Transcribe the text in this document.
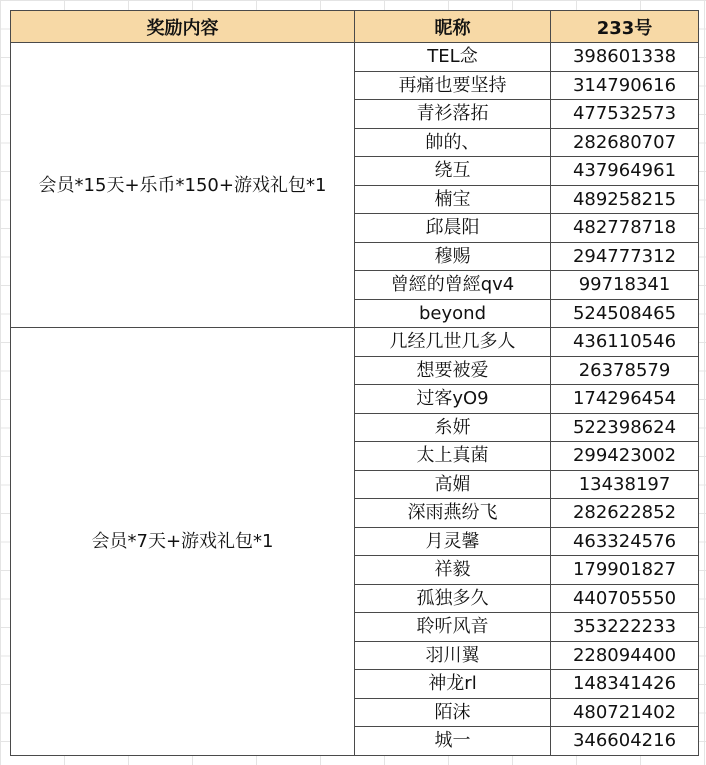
奖励内容	昵称	233号
会员*15天+乐币*150+游戏礼包*1	TEL念	398601338
	再痛也要坚持	314790616
	青衫落拓	477532573
	帥的、	282680707
	绕互	437964961
	楠宝	489258215
	邱晨阳	482778718
	穆赐	294777312
	曾經的曾經qv4	99718341
	beyond	524508465
会员*7天+游戏礼包*1	几经几世几多人	436110546
	想要被爱	26378579
	过客yO9	174296454
	糸妍	522398624
	太上真菌	299423002
	高媚	13438197
	深雨燕纷飞	282622852
	月灵馨	463324576
	祥毅	179901827
	孤独多久	440705550
	聆听风音	353222233
	羽川翼	228094400
	神龙rl	148341426
	陌沫	480721402
	城一	346604216
